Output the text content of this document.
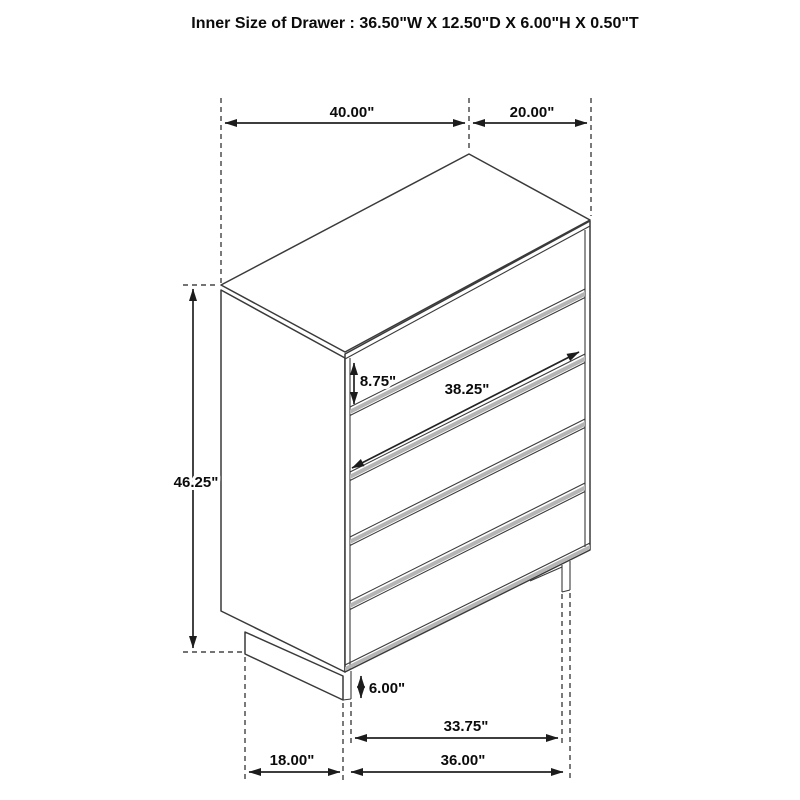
40.00"	20.00"
46.25"
8.75"	38.25"
6.00"
33.75"
36.00"
18.00"
Inner Size of Drawer : 36.50"W X 12.50"D X 6.00"H X 0.50"T
